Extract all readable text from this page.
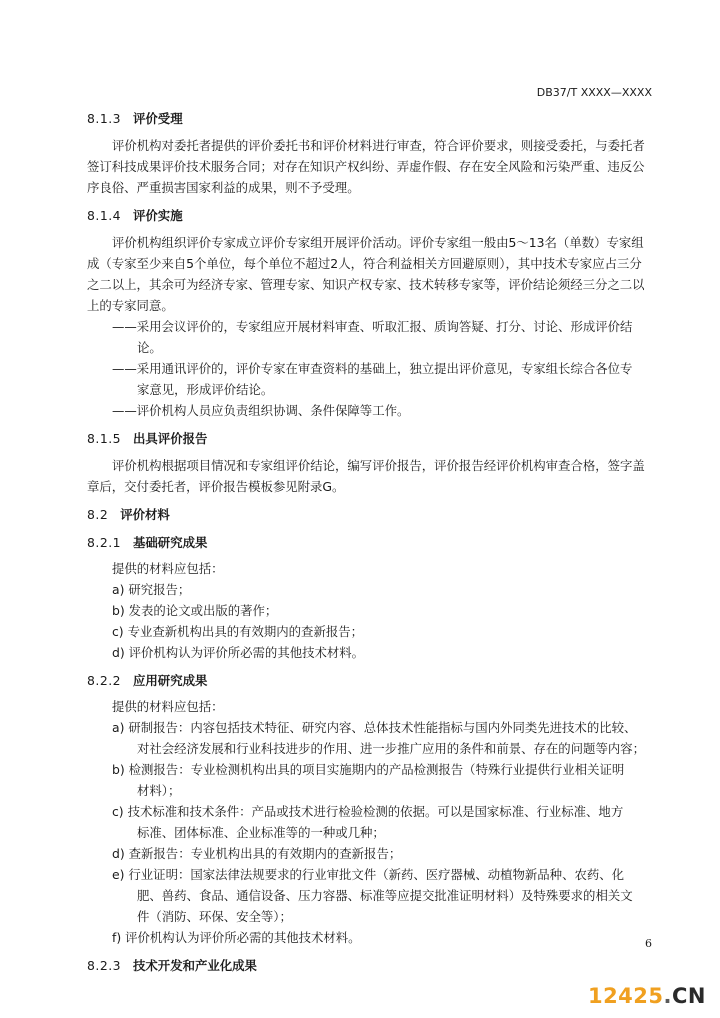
DB37/T XXXX—XXXX
8.1.3 评价受理
评价机构对委托者提供的评价委托书和评价材料进行审查，符合评价要求，则接受委托，与委托者
签订科技成果评价技术服务合同；对存在知识产权纠纷、弄虚作假、存在安全风险和污染严重、违反公
序良俗、严重损害国家利益的成果，则不予受理。
8.1.4 评价实施
评价机构组织评价专家成立评价专家组开展评价活动。评价专家组一般由5～13名（单数）专家组
成（专家至少来自5个单位，每个单位不超过2人，符合利益相关方回避原则），其中技术专家应占三分
之二以上，其余可为经济专家、管理专家、知识产权专家、技术转移专家等，评价结论须经三分之二以
上的专家同意。
——采用会议评价的，专家组应开展材料审查、听取汇报、质询答疑、打分、讨论、形成评价结
论。
——采用通讯评价的，评价专家在审查资料的基础上，独立提出评价意见，专家组长综合各位专
家意见，形成评价结论。
——评价机构人员应负责组织协调、条件保障等工作。
8.1.5 出具评价报告
评价机构根据项目情况和专家组评价结论，编写评价报告，评价报告经评价机构审查合格，签字盖
章后，交付委托者，评价报告模板参见附录G。
8.2 评价材料
8.2.1 基础研究成果
提供的材料应包括：
a) 研究报告；
b) 发表的论文或出版的著作；
c) 专业查新机构出具的有效期内的查新报告；
d) 评价机构认为评价所必需的其他技术材料。
8.2.2 应用研究成果
提供的材料应包括：
a) 研制报告：内容包括技术特征、研究内容、总体技术性能指标与国内外同类先进技术的比较、
对社会经济发展和行业科技进步的作用、进一步推广应用的条件和前景、存在的问题等内容；
b) 检测报告：专业检测机构出具的项目实施期内的产品检测报告（特殊行业提供行业相关证明
材料）；
c) 技术标准和技术条件：产品或技术进行检验检测的依据。可以是国家标准、行业标准、地方
标准、团体标准、企业标准等的一种或几种；
d) 查新报告：专业机构出具的有效期内的查新报告；
e) 行业证明：国家法律法规要求的行业审批文件（新药、医疗器械、动植物新品种、农药、化
肥、兽药、食品、通信设备、压力容器、标准等应提交批准证明材料）及特殊要求的相关文
件（消防、环保、安全等）；
f) 评价机构认为评价所必需的其他技术材料。
8.2.3 技术开发和产业化成果
6
12425.CN
